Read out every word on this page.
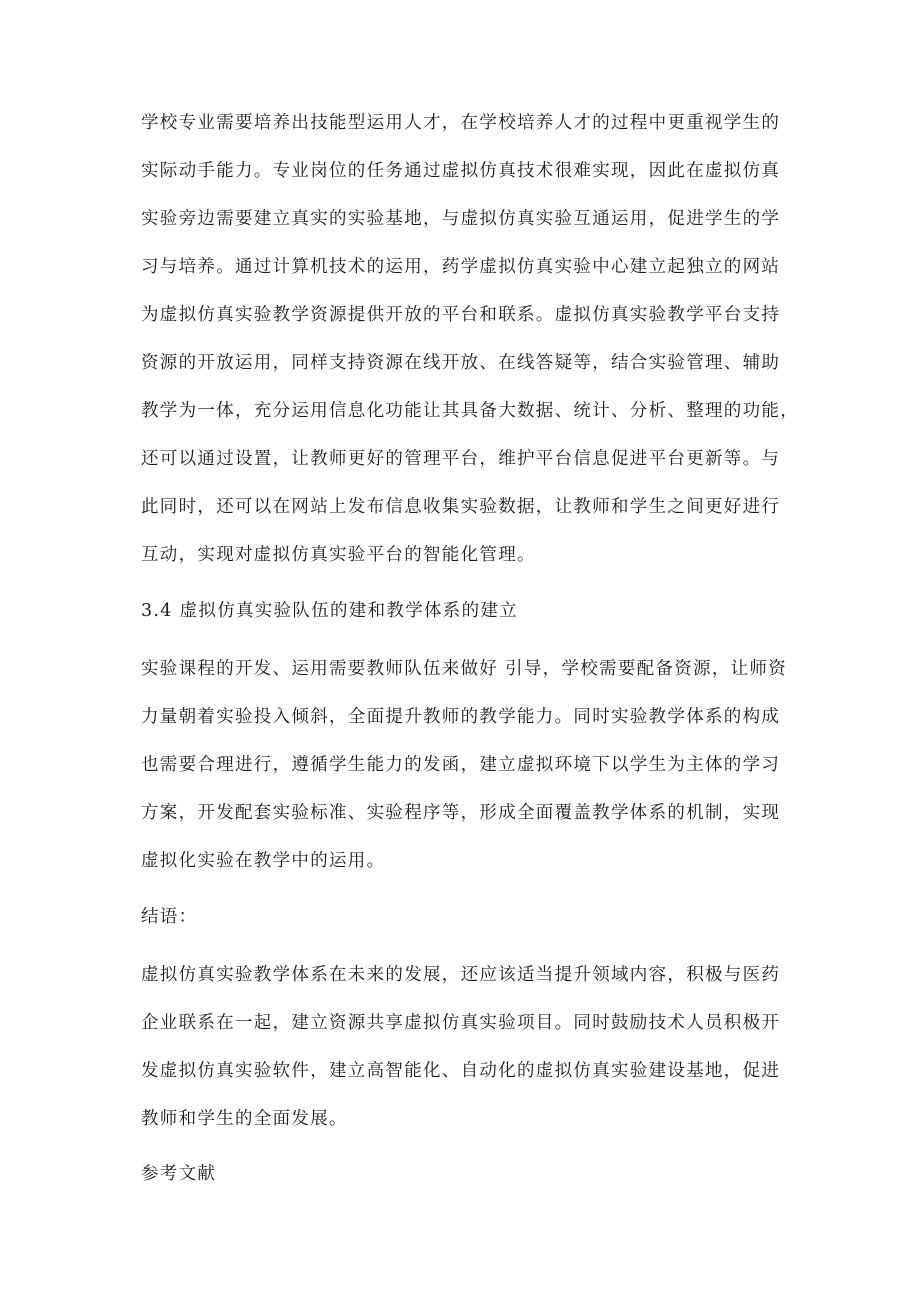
学校专业需要培养出技能型运用人才，在学校培养人才的过程中更重视学生的
实际动手能力。专业岗位的任务通过虚拟仿真技术很难实现，因此在虚拟仿真
实验旁边需要建立真实的实验基地，与虚拟仿真实验互通运用，促进学生的学
习与培养。通过计算机技术的运用，药学虚拟仿真实验中心建立起独立的网站
为虚拟仿真实验教学资源提供开放的平台和联系。虚拟仿真实验教学平台支持
资源的开放运用，同样支持资源在线开放、在线答疑等，结合实验管理、辅助
教学为一体，充分运用信息化功能让其具备大数据、统计、分析、整理的功能，
还可以通过设置，让教师更好的管理平台，维护平台信息促进平台更新等。与
此同时，还可以在网站上发布信息收集实验数据，让教师和学生之间更好进行
互动，实现对虚拟仿真实验平台的智能化管理。
3.4 虚拟仿真实验队伍的建和教学体系的建立
实验课程的开发、运用需要教师队伍来做好 引导，学校需要配备资源，让师资
力量朝着实验投入倾斜，全面提升教师的教学能力。同时实验教学体系的构成
也需要合理进行，遵循学生能力的发函，建立虚拟环境下以学生为主体的学习
方案，开发配套实验标准、实验程序等，形成全面覆盖教学体系的机制，实现
虚拟化实验在教学中的运用。
结语：
虚拟仿真实验教学体系在未来的发展，还应该适当提升领域内容，积极与医药
企业联系在一起，建立资源共享虚拟仿真实验项目。同时鼓励技术人员积极开
发虚拟仿真实验软件，建立高智能化、自动化的虚拟仿真实验建设基地，促进
教师和学生的全面发展。
参考文献
